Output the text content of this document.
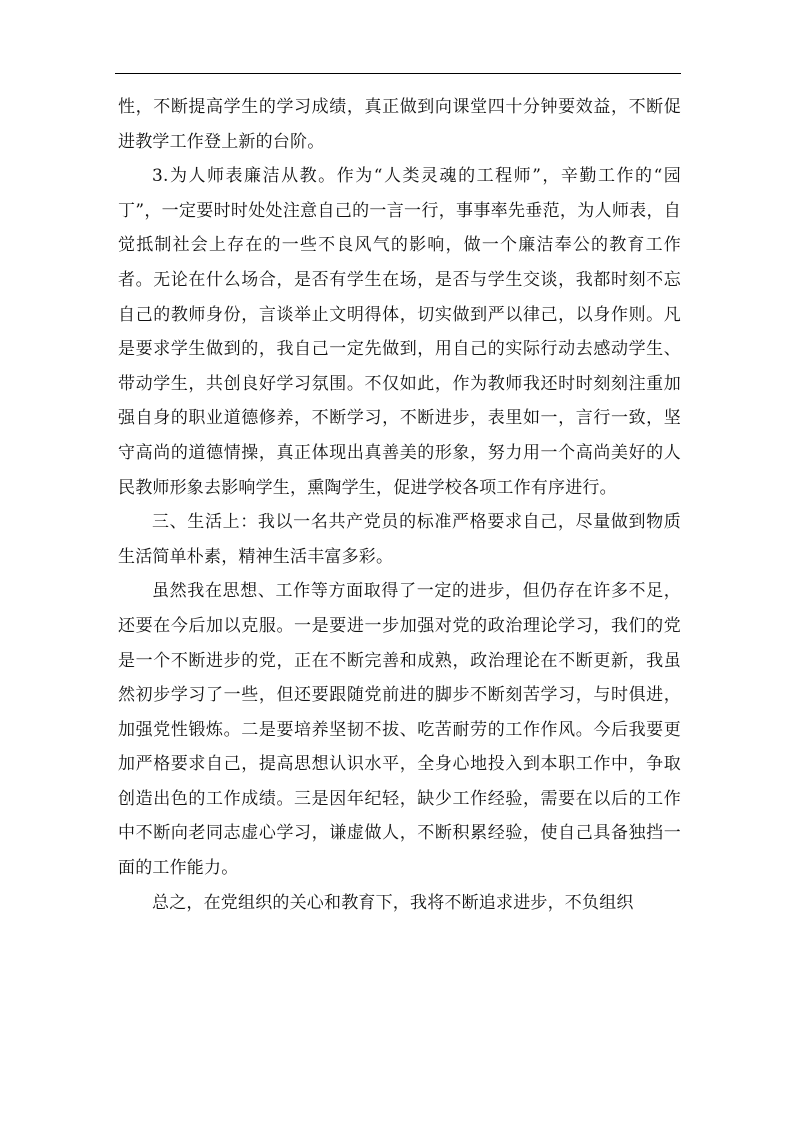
性，不断提高学生的学习成绩，真正做到向课堂四十分钟要效益，不断促进教学工作登上新的台阶。

3.为人师表廉洁从教。作为“人类灵魂的工程师”，辛勤工作的“园丁”，一定要时时处处注意自己的一言一行，事事率先垂范，为人师表，自觉抵制社会上存在的一些不良风气的影响，做一个廉洁奉公的教育工作者。无论在什么场合，是否有学生在场，是否与学生交谈，我都时刻不忘自己的教师身份，言谈举止文明得体，切实做到严以律己，以身作则。凡是要求学生做到的，我自己一定先做到，用自己的实际行动去感动学生、带动学生，共创良好学习氛围。不仅如此，作为教师我还时时刻刻注重加强自身的职业道德修养，不断学习，不断进步，表里如一，言行一致，坚守高尚的道德情操，真正体现出真善美的形象，努力用一个高尚美好的人民教师形象去影响学生，熏陶学生，促进学校各项工作有序进行。

三、生活上：我以一名共产党员的标准严格要求自己，尽量做到物质生活简单朴素，精神生活丰富多彩。

虽然我在思想、工作等方面取得了一定的进步，但仍存在许多不足，还要在今后加以克服。一是要进一步加强对党的政治理论学习，我们的党是一个不断进步的党，正在不断完善和成熟，政治理论在不断更新，我虽然初步学习了一些，但还要跟随党前进的脚步不断刻苦学习，与时俱进，加强党性锻炼。二是要培养坚韧不拔、吃苦耐劳的工作作风。今后我要更加严格要求自己，提高思想认识水平，全身心地投入到本职工作中，争取创造出色的工作成绩。三是因年纪轻，缺少工作经验，需要在以后的工作中不断向老同志虚心学习，谦虚做人，不断积累经验，使自己具备独挡一面的工作能力。

总之，在党组织的关心和教育下，我将不断追求进步，不负组织
